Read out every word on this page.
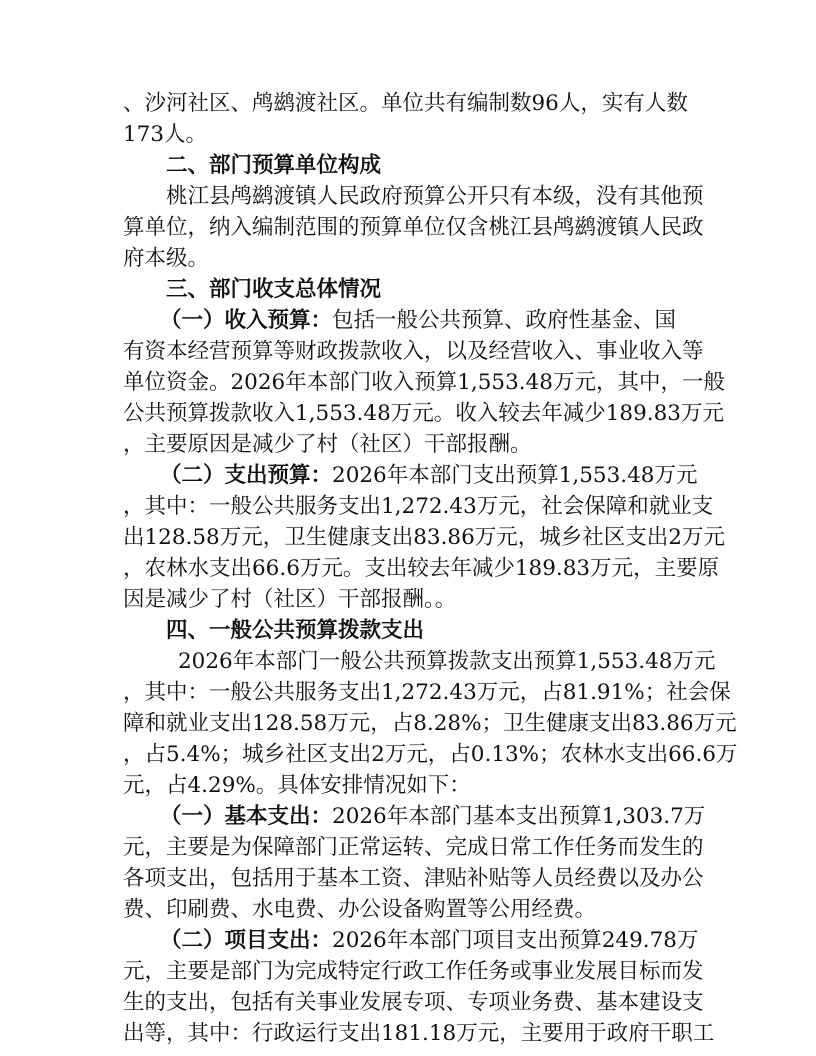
、沙河社区、鸬鹚渡社区。单位共有编制数96人，实有人数
173人。
二、部门预算单位构成
桃江县鸬鹚渡镇人民政府预算公开只有本级，没有其他预
算单位，纳入编制范围的预算单位仅含桃江县鸬鹚渡镇人民政
府本级。
三、部门收支总体情况
（一）收入预算：包括一般公共预算、政府性基金、国
有资本经营预算等财政拨款收入，以及经营收入、事业收入等
单位资金。2026年本部门收入预算1,553.48万元，其中，一般
公共预算拨款收入1,553.48万元。收入较去年减少189.83万元
，主要原因是减少了村（社区）干部报酬。
（二）支出预算：2026年本部门支出预算1,553.48万元
，其中：一般公共服务支出1,272.43万元，社会保障和就业支
出128.58万元，卫生健康支出83.86万元，城乡社区支出2万元
，农林水支出66.6万元。支出较去年减少189.83万元，主要原
因是减少了村（社区）干部报酬。。
四、一般公共预算拨款支出
2026年本部门一般公共预算拨款支出预算1,553.48万元
，其中：一般公共服务支出1,272.43万元，占81.91%；社会保
障和就业支出128.58万元，占8.28%；卫生健康支出83.86万元
，占5.4%；城乡社区支出2万元，占0.13%；农林水支出66.6万
元，占4.29%。具体安排情况如下：
（一）基本支出：2026年本部门基本支出预算1,303.7万
元，主要是为保障部门正常运转、完成日常工作任务而发生的
各项支出，包括用于基本工资、津贴补贴等人员经费以及办公
费、印刷费、水电费、办公设备购置等公用经费。
（二）项目支出：2026年本部门项目支出预算249.78万
元，主要是部门为完成特定行政工作任务或事业发展目标而发
生的支出，包括有关事业发展专项、专项业务费、基本建设支
出等，其中：行政运行支出181.18万元，主要用于政府干职工
